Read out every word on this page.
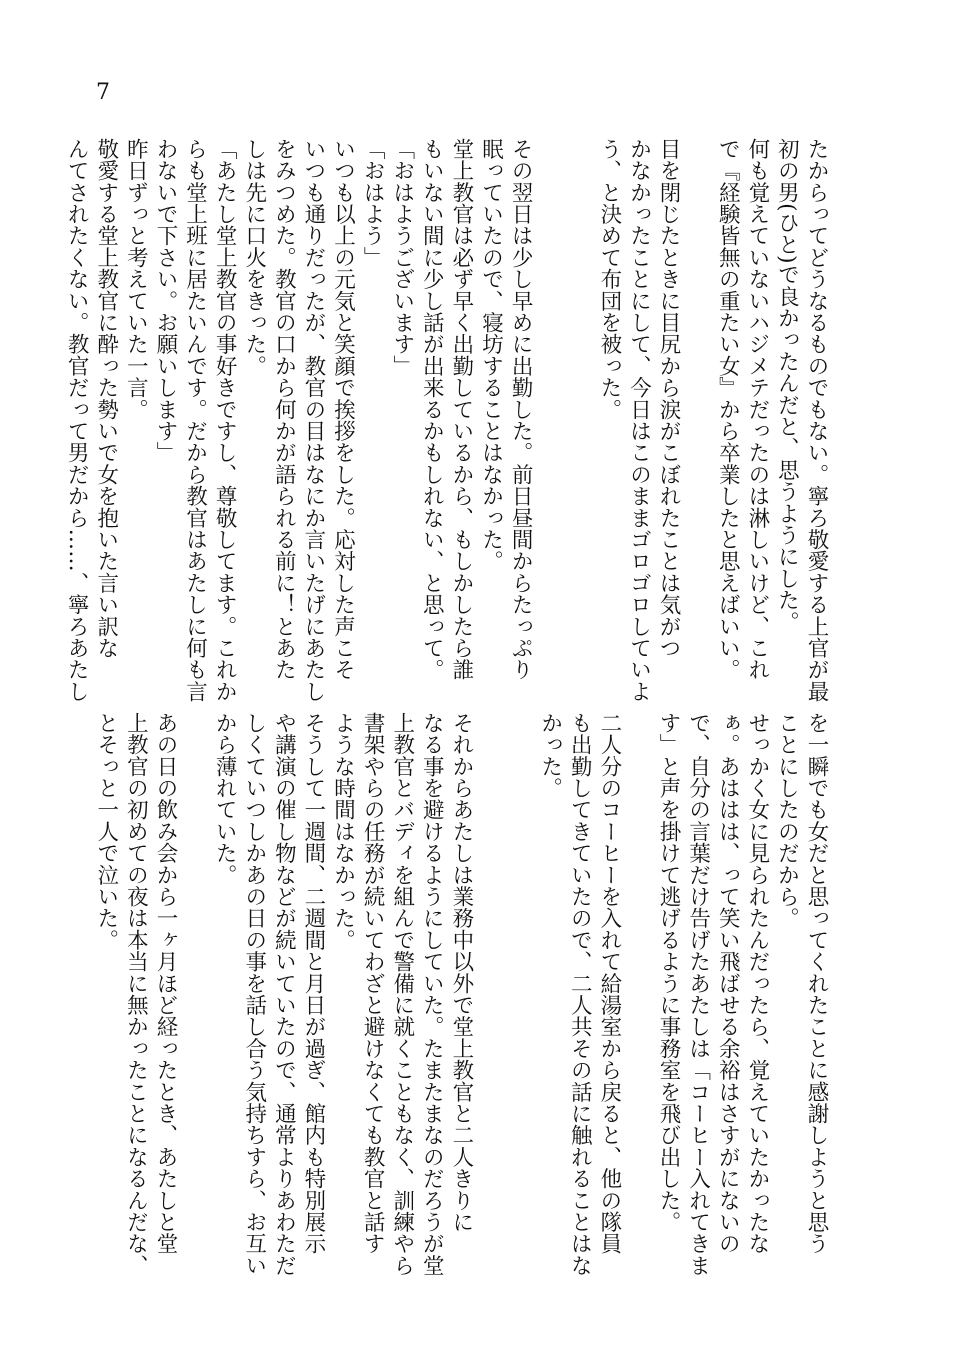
7
たからってどうなるものでもない。寧ろ敬愛する上官が最
初の男(ひと)で良かったんだと、思うようにした。
何も覚えていないハジメテだったのは淋しいけど、これ
で『経験皆無の重たい女』から卒業したと思えばいい。

目を閉じたときに目尻から涙がこぼれたことは気がつ
かなかったことにして、今日はこのままゴロゴロしていよ
う、と決めて布団を被った。

その翌日は少し早めに出勤した。前日昼間からたっぷり
眠っていたので、寝坊することはなかった。
堂上教官は必ず早く出勤しているから、もしかしたら誰
もいない間に少し話が出来るかもしれない、と思って。
「おはようございます」
「おはよう」
いつも以上の元気と笑顔で挨拶をした。応対した声こそ
いつも通りだったが、教官の目はなにか言いたげにあたし
をみつめた。教官の口から何かが語られる前に！とあた
しは先に口火をきった。
「あたし堂上教官の事好きですし、尊敬してます。これか
らも堂上班に居たいんです。だから教官はあたしに何も言
わないで下さい。お願いします」
昨日ずっと考えていた一言。
敬愛する堂上教官に酔った勢いで女を抱いた言い訳な
んてされたくない。教官だって男だから……、寧ろあたし
を一瞬でも女だと思ってくれたことに感謝しようと思う
ことにしたのだから。
せっかく女に見られたんだったら、覚えていたかったな
ぁ。あははは、って笑い飛ばせる余裕はさすがにないの
で、自分の言葉だけ告げたあたしは「コーヒー入れてきま
す」と声を掛けて逃げるように事務室を飛び出した。

二人分のコーヒーを入れて給湯室から戻ると、他の隊員
も出勤してきていたので、二人共その話に触れることはな
かった。

それからあたしは業務中以外で堂上教官と二人きりに
なる事を避けるようにしていた。たまたまなのだろうが堂
上教官とバディを組んで警備に就くこともなく、訓練やら
書架やらの任務が続いてわざと避けなくても教官と話す
ような時間はなかった。
そうして一週間、二週間と月日が過ぎ、館内も特別展示
や講演の催し物などが続いていたので、通常よりあわただ
しくていつしかあの日の事を話し合う気持ちすら、お互い
から薄れていた。

あの日の飲み会から一ヶ月ほど経ったとき、あたしと堂
上教官の初めての夜は本当に無かったことになるんだな、
とそっと一人で泣いた。
